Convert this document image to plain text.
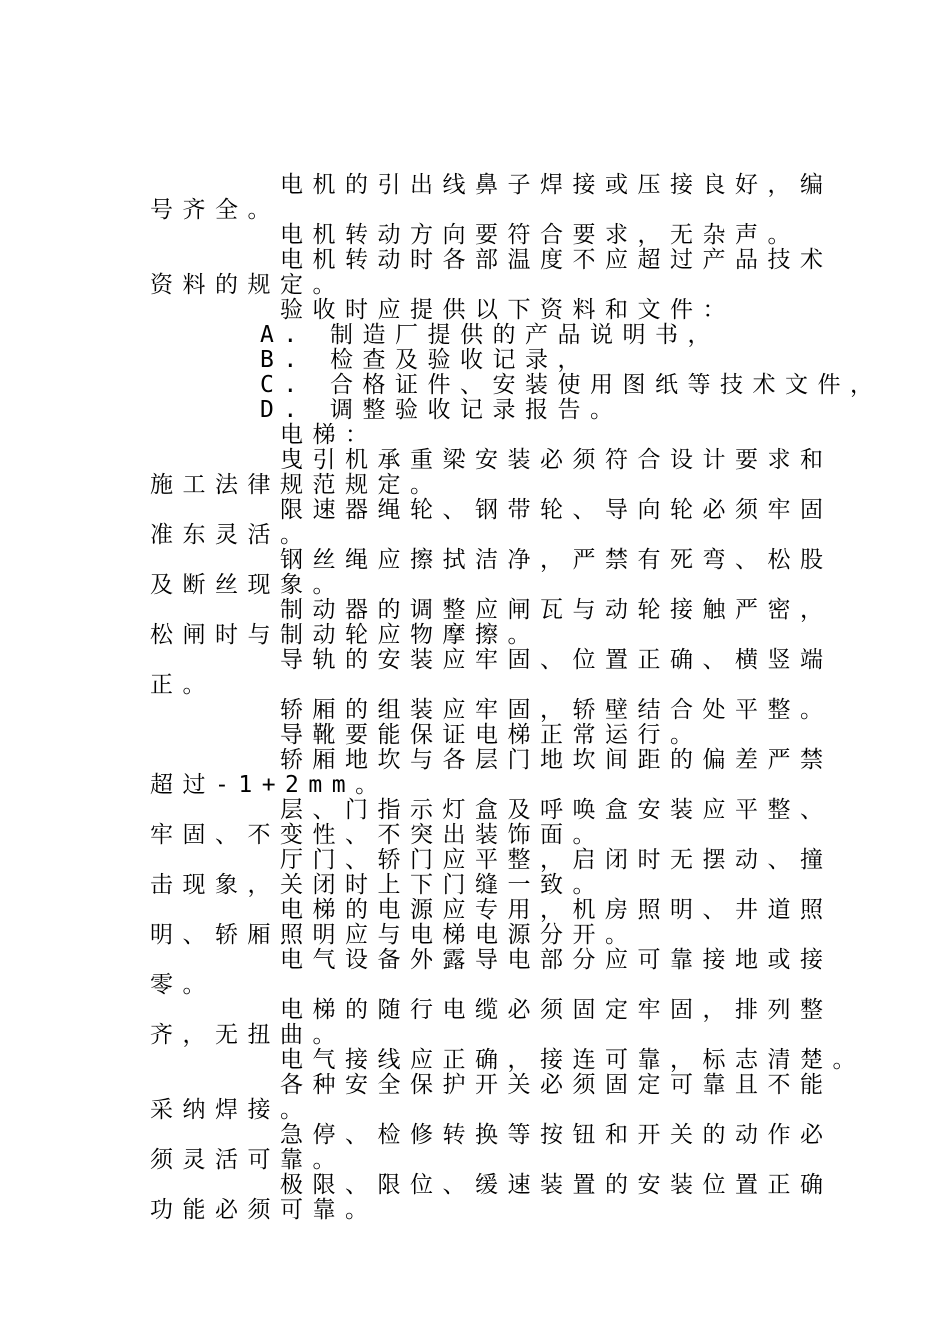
电机的引出线鼻子焊接或压接良好，编
号齐全。
电机转动方向要符合要求，无杂声。
电机转动时各部温度不应超过产品技术
资料的规定。
验收时应提供以下资料和文件：
A. 制造厂提供的产品说明书，
B. 检查及验收记录，
C. 合格证件、安装使用图纸等技术文件，
D. 调整验收记录报告。
电梯：
曳引机承重梁安装必须符合设计要求和
施工法律规范规定。
限速器绳轮、钢带轮、导向轮必须牢固
准东灵活。
钢丝绳应擦拭洁净，严禁有死弯、松股
及断丝现象。
制动器的调整应闸瓦与动轮接触严密，
松闸时与制动轮应物摩擦。
导轨的安装应牢固、位置正确、横竖端
正。
轿厢的组装应牢固，轿壁结合处平整。
导靴要能保证电梯正常运行。
轿厢地坎与各层门地坎间距的偏差严禁
超过-1+2mm。
层、门指示灯盒及呼唤盒安装应平整、
牢固、不变性、不突出装饰面。
厅门、轿门应平整，启闭时无摆动、撞
击现象，关闭时上下门缝一致。
电梯的电源应专用，机房照明、井道照
明、轿厢照明应与电梯电源分开。
电气设备外露导电部分应可靠接地或接
零。
电梯的随行电缆必须固定牢固，排列整
齐，无扭曲。
电气接线应正确，接连可靠，标志清楚。
各种安全保护开关必须固定可靠且不能
采纳焊接。
急停、检修转换等按钮和开关的动作必
须灵活可靠。
极限、限位、缓速装置的安装位置正确
功能必须可靠。
